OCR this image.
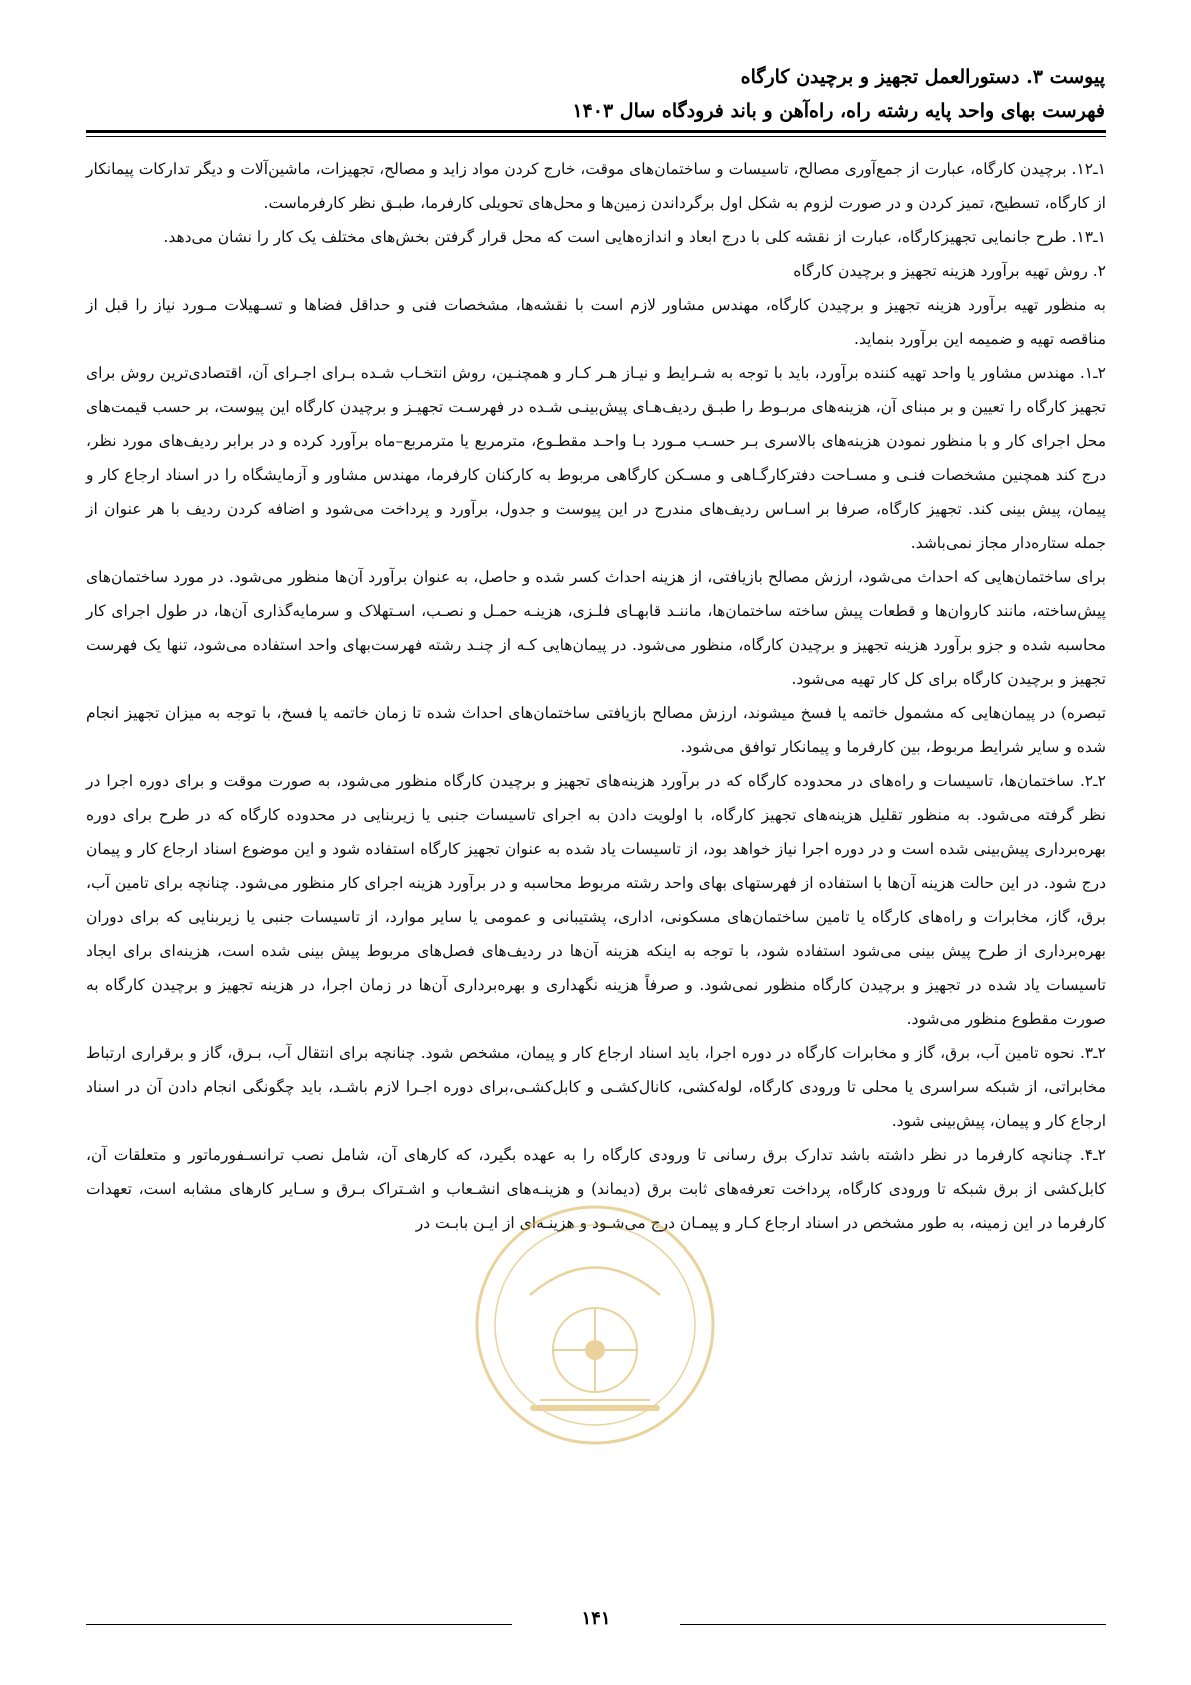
پیوست ۳. دستورالعمل تجهیز و برچیدن کارگاه
فهرست بهای واحد پایه رشته راه، راه‌آهن و باند فرودگاه سال ۱۴۰۳

۱ـ۱۲. برچیدن کارگاه، عبارت از جمع‌آوری مصالح، تاسیسات و ساختمان‌های موقت، خارج کردن مواد زاید و مصالح، تجهیزات، ماشین‌آلات و دیگر تدارکات پیمانکار از کارگاه، تسطیح، تمیز کردن و در صورت لزوم به شکل اول برگرداندن زمین‌ها و محل‌های تحویلی کارفرما، طبـق نظر کارفرماست.

۱ـ۱۳. طرح جانمایی تجهیزکارگاه، عبارت از نقشه کلی با درج ابعاد و اندازه‌هایی است که محل قرار گرفتن بخش‌های مختلف یک کار را نشان می‌دهد.

۲. روش تهیه برآورد هزینه تجهیز و برچیدن کارگاه

به منظور تهیه برآورد هزینه تجهیز و برچیدن کارگاه، مهندس مشاور لازم است با نقشه‌ها، مشخصات فنی و حداقل فضاها و تسـهیلات مـورد نیاز را قبل از مناقصه تهیه و ضمیمه این برآورد بنماید.

۲ـ۱. مهندس مشاور یا واحد تهیه کننده برآورد، باید با توجه به شـرایط و نیـاز هـر کـار و همچنـین، روش انتخـاب شـده بـرای اجـرای آن، اقتصادی‌ترین روش برای تجهیز کارگاه را تعیین و بر مبنای آن، هزینه‌های مربـوط را طبـق ردیف‌هـای پیش‌بینـی شـده در فهرسـت تجهیـز و برچیدن کارگاه این پیوست، بر حسب قیمت‌های محل اجرای کار و با منظور نمودن هزینه‌های بالاسری بـر حسـب مـورد بـا واحـد مقطـوع، مترمربع یا مترمربع–ماه برآورد کرده و در برابر ردیف‌های مورد نظر، درج کند همچنین مشخصات فنـی و مسـاحت دفترکارگـاهی و مسـکن کارگاهی مربوط به کارکنان کارفرما، مهندس مشاور و آزمایشگاه را در اسناد ارجاع کار و پیمان، پیش بینی کند. تجهیز کارگاه، صرفا بر اسـاس ردیف‌های مندرج در این پیوست و جدول، برآورد و پرداخت می‌شود و اضافه کردن ردیف با هر عنوان از جمله ستاره‌دار مجاز نمی‌باشد.

برای ساختمان‌هایی که احداث می‌شود، ارزش مصالح بازیافتی، از هزینه احداث کسر شده و حاصل، به عنوان برآورد آن‌ها منظور می‌شود. در مورد ساختمان‌های پیش‌ساخته، مانند کاروان‌ها و قطعات پیش ساخته ساختمان‌ها، ماننـد قابهـای فلـزی، هزینـه حمـل و نصـب، اسـتهلاک و سرمایه‌گذاری آن‌ها، در طول اجرای کار محاسبه شده و جزو برآورد هزینه تجهیز و برچیدن کارگاه، منظور می‌شود. در پیمان‌هایی کـه از چنـد رشته فهرست‌بهای واحد استفاده می‌شود، تنها یک فهرست تجهیز و برچیدن کارگاه برای کل کار تهیه می‌شود.

تبصره) در پیمان‌هایی که مشمول خاتمه یا فسخ میشوند، ارزش مصالح بازیافتی ساختمان‌های احداث شده تا زمان خاتمه یا فسخ، با توجه به میزان تجهیز انجام شده و سایر شرایط مربوط، بین کارفرما و پیمانکار توافق می‌شود.

۲ـ۲. ساختمان‌ها، تاسیسات و راه‌های در محدوده کارگاه که در برآورد هزینه‌های تجهیز و برچیدن کارگاه منظور می‌شود، به صورت موقت و برای دوره اجرا در نظر گرفته می‌شود. به منظور تقلیل هزینه‌های تجهیز کارگاه، با اولویت دادن به اجرای تاسیسات جنبی یا زیربنایی در محدوده کارگاه که در طرح برای دوره بهره‌برداری پیش‌بینی شده است و در دوره اجرا نیاز خواهد بود، از تاسیسات یاد شده به عنوان تجهیز کارگاه استفاده شود و این موضوع اسناد ارجاع کار و پیمان درج شود. در این حالت هزینه آن‌ها با استفاده از فهرستهای بهای واحد رشته مربوط محاسبه و در برآورد هزینه اجرای کار منظور می‌شود. چنانچه برای تامین آب، برق، گاز، مخابرات و راه‌های کارگاه یا تامین ساختمان‌های مسکونی، اداری، پشتیبانی و عمومی یا سایر موارد، از تاسیسات جنبی یا زیربنایی که برای دوران بهره‌برداری از طرح پیش بینی می‌شود استفاده شود، با توجه به اینکه هزینه آن‌ها در ردیف‌های فصل‌های مربوط پیش بینی شده است، هزینه‌ای برای ایجاد تاسیسات یاد شده در تجهیز و برچیدن کارگاه منظور نمی‌شود. و صرفاً هزینه نگهداری و بهره‌برداری آن‌ها در زمان اجرا، در هزینه تجهیز و برچیدن کارگاه به صورت مقطوع منظور می‌شود.

۲ـ۳. نحوه تامین آب، برق، گاز و مخابرات کارگاه در دوره اجرا، باید اسناد ارجاع کار و پیمان، مشخص شود. چنانچه برای انتقال آب، بـرق، گاز و برقراری ارتباط مخابراتی، از شبکه سراسری یا محلی تا ورودی کارگاه، لوله‌کشی، کانال‌کشـی و کابل‌کشـی،برای دوره اجـرا لازم باشـد، باید چگونگی انجام دادن آن در اسناد ارجاع کار و پیمان، پیش‌بینی شود.

۲ـ۴. چنانچه کارفرما در نظر داشته باشد تدارک برق رسانی تا ورودی کارگاه را به عهده بگیرد، که کارهای آن، شامل نصب ترانسـفورماتور و متعلقات آن، کابل‌کشی از برق شبکه تا ورودی کارگاه، پرداخت تعرفه‌های ثابت برق (دیماند) و هزینـه‌های انشـعاب و اشـتراک بـرق و سـایر کارهای مشابه است، تعهدات کارفرما در این زمینه، به طور مشخص در اسناد ارجاع کـار و پیمـان درج می‌شـود و هزینـه‌ای از ایـن بابـت در

۱۴۱
